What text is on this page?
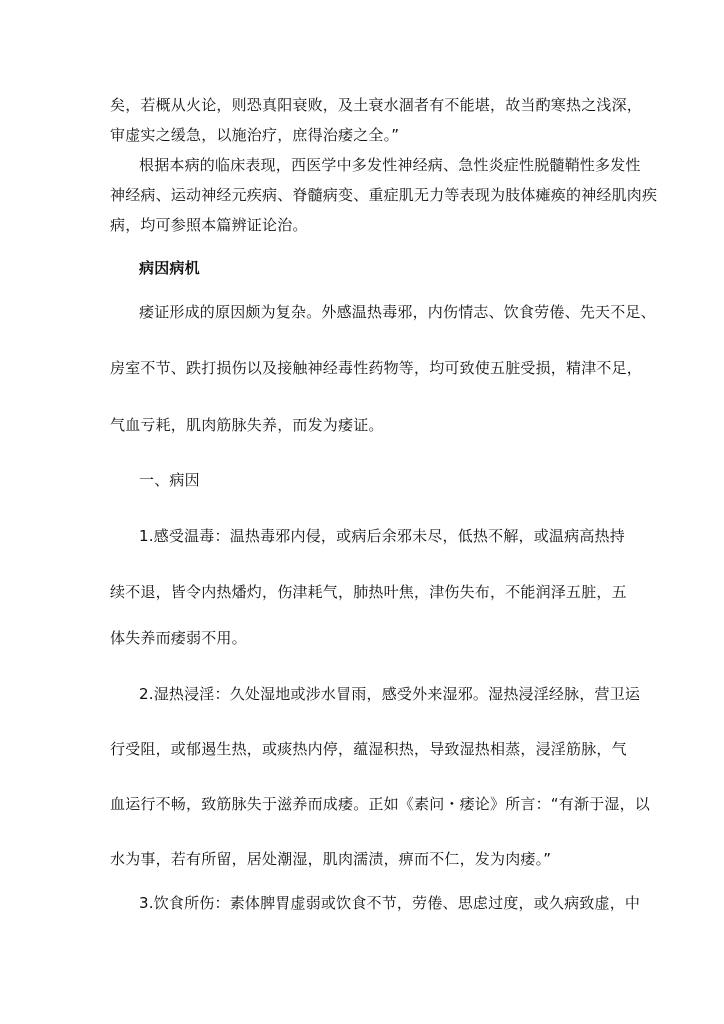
矣，若概从火论，则恐真阳衰败，及土衰水涸者有不能堪，故当酌寒热之浅深，
审虚实之缓急，以施治疗，庶得治痿之全。”
根据本病的临床表现，西医学中多发性神经病、急性炎症性脱髓鞘性多发性
神经病、运动神经元疾病、脊髓病变、重症肌无力等表现为肢体瘫痪的神经肌肉疾
病，均可参照本篇辨证论治。
病因病机
痿证形成的原因颇为复杂。外感温热毒邪，内伤情志、饮食劳倦、先天不足、
房室不节、跌打损伤以及接触神经毒性药物等，均可致使五脏受损，精津不足，
气血亏耗，肌肉筋脉失养，而发为痿证。
一、病因
1.感受温毒：温热毒邪内侵，或病后余邪未尽，低热不解，或温病高热持
续不退，皆令内热燔灼，伤津耗气，肺热叶焦，津伤失布，不能润泽五脏，五
体失养而痿弱不用。
2.湿热浸淫：久处湿地或涉水冒雨，感受外来湿邪。湿热浸淫经脉，营卫运
行受阻，或郁遏生热，或痰热内停，蕴湿积热，导致湿热相蒸，浸淫筋脉，气
血运行不畅，致筋脉失于滋养而成痿。正如《素问・痿论》所言：“有渐于湿，以
水为事，若有所留，居处潮湿，肌肉濡渍，痹而不仁，发为肉痿。”
3.饮食所伤：素体脾胃虚弱或饮食不节，劳倦、思虑过度，或久病致虚，中
